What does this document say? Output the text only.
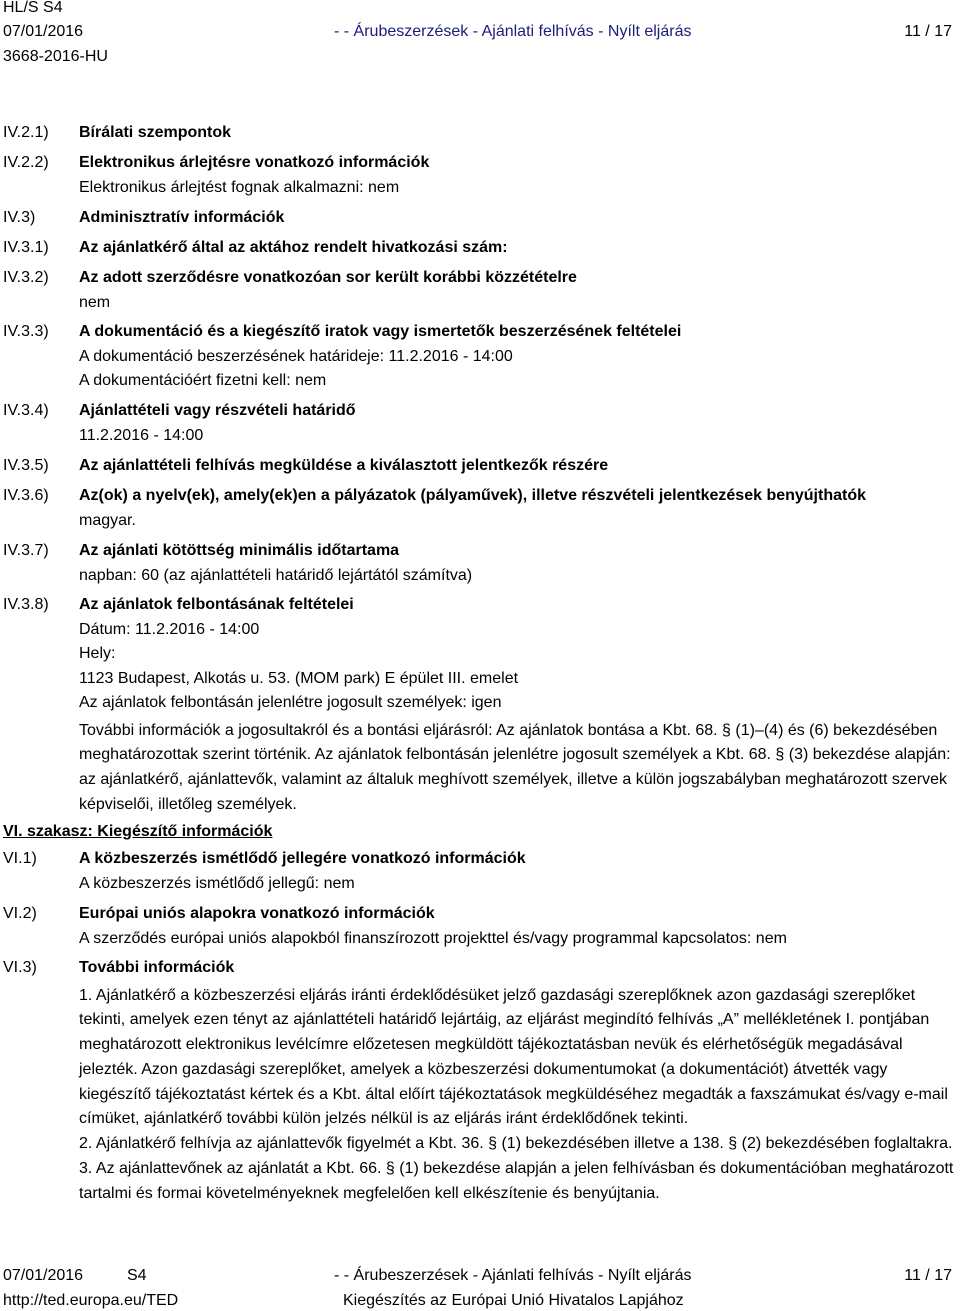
HL/S S4
07/01/2016	- - Árubeszerzések - Ajánlati felhívás - Nyílt eljárás	11 / 17
3668-2016-HU
IV.2.1) Bírálati szempontok
IV.2.2) Elektronikus árlejtésre vonatkozó információk
Elektronikus árlejtést fognak alkalmazni: nem
IV.3)	Adminisztratív információk
IV.3.1) Az ajánlatkérő által az aktához rendelt hivatkozási szám:
IV.3.2) Az adott szerződésre vonatkozóan sor került korábbi közzétételre
nem
IV.3.3) A dokumentáció és a kiegészítő iratok vagy ismertetők beszerzésének feltételei
A dokumentáció beszerzésének határideje: 11.2.2016 - 14:00
A dokumentációért fizetni kell: nem
IV.3.4) Ajánlattételi vagy részvételi határidő
11.2.2016 - 14:00
IV.3.5) Az ajánlattételi felhívás megküldése a kiválasztott jelentkezők részére
IV.3.6) Az(ok) a nyelv(ek), amely(ek)en a pályázatok (pályaművek), illetve részvételi jelentkezések benyújthatók
magyar.
IV.3.7) Az ajánlati kötöttség minimális időtartama
napban: 60 (az ajánlattételi határidő lejártától számítva)
IV.3.8) Az ajánlatok felbontásának feltételei
Dátum: 11.2.2016 - 14:00
Hely:
1123 Budapest, Alkotás u. 53. (MOM park) E épület III. emelet
Az ajánlatok felbontásán jelenlétre jogosult személyek: igen
További információk a jogosultakról és a bontási eljárásról: Az ajánlatok bontása a Kbt. 68. § (1)–(4) és (6) bekezdésében meghatározottak szerint történik. Az ajánlatok felbontásán jelenlétre jogosult személyek a Kbt. 68. § (3) bekezdése alapján: az ajánlatkérő, ajánlattevők, valamint az általuk meghívott személyek, illetve a külön jogszabályban meghatározott szervek képviselői, illetőleg személyek.
VI. szakasz: Kiegészítő információk
VI.1)	A közbeszerzés ismétlődő jellegére vonatkozó információk
A közbeszerzés ismétlődő jellegű: nem
VI.2)	Európai uniós alapokra vonatkozó információk
A szerződés európai uniós alapokból finanszírozott projekttel és/vagy programmal kapcsolatos: nem
VI.3)	További információk
1. Ajánlatkérő a közbeszerzési eljárás iránti érdeklődésüket jelző gazdasági szereplőknek azon gazdasági szereplőket tekinti, amelyek ezen tényt az ajánlattételi határidő lejártáig, az eljárást megindító felhívás „A” mellékletének I. pontjában meghatározott elektronikus levélcímre előzetesen megküldött tájékoztatásban nevük és elérhetőségük megadásával jelezték. Azon gazdasági szereplőket, amelyek a közbeszerzési dokumentumokat (a dokumentációt) átvették vagy kiegészítő tájékoztatást kértek és a Kbt. által előírt tájékoztatások megküldéséhez megadták a faxszámukat és/vagy e-mail címüket, ajánlatkérő további külön jelzés nélkül is az eljárás iránt érdeklődőnek tekinti.
2. Ajánlatkérő felhívja az ajánlattevők figyelmét a Kbt. 36. § (1) bekezdésében illetve a 138. § (2) bekezdésében foglaltakra.
3. Az ajánlattevőnek az ajánlatát a Kbt. 66. § (1) bekezdése alapján a jelen felhívásban és dokumentációban meghatározott tartalmi és formai követelményeknek megfelelően kell elkészítenie és benyújtania.
07/01/2016	S4	- - Árubeszerzések - Ajánlati felhívás - Nyílt eljárás	11 / 17
http://ted.europa.eu/TED	Kiegészítés az Európai Unió Hivatalos Lapjához
